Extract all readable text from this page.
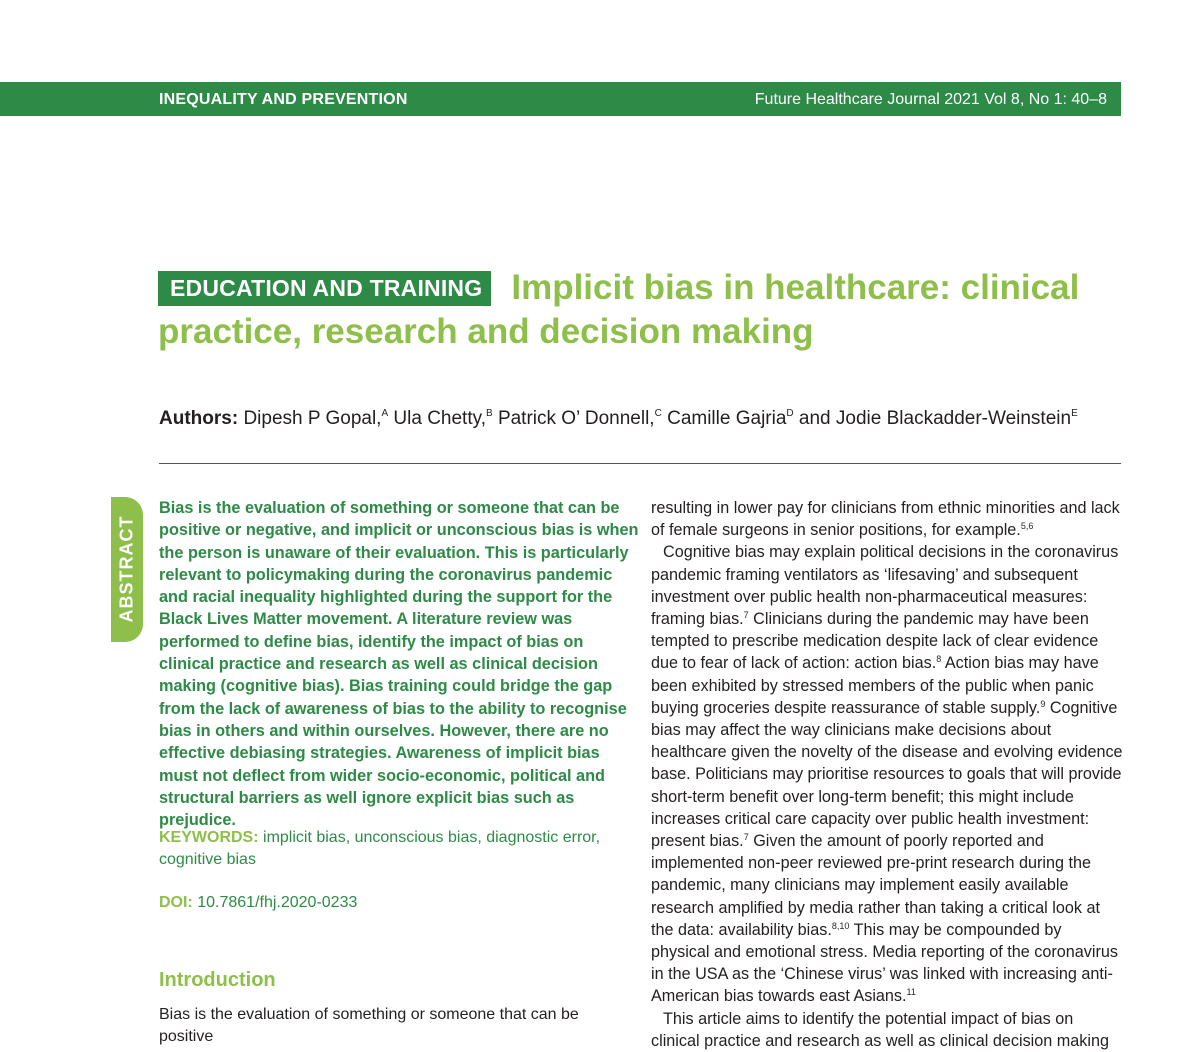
INEQUALITY AND PREVENTION	Future Healthcare Journal 2021 Vol 8, No 1: 40–8
EDUCATION AND TRAINING Implicit bias in healthcare: clinical practice, research and decision making
Authors: Dipesh P Gopal,$^A$ Ula Chetty,$^B$ Patrick O’ Donnell,$^C$ Camille Gajria$^D$ and Jodie Blackadder-Weinstein$^E$
ABSTRACT
Bias is the evaluation of something or someone that can be positive or negative, and implicit or unconscious bias is when the person is unaware of their evaluation. This is particularly relevant to policymaking during the coronavirus pandemic and racial inequality highlighted during the support for the Black Lives Matter movement. A literature review was performed to define bias, identify the impact of bias on clinical practice and research as well as clinical decision making (cognitive bias). Bias training could bridge the gap from the lack of awareness of bias to the ability to recognise bias in others and within ourselves. However, there are no effective debiasing strategies. Awareness of implicit bias must not deflect from wider socio-economic, political and structural barriers as well ignore explicit bias such as prejudice.
KEYWORDS: implicit bias, unconscious bias, diagnostic error, cognitive bias
DOI: 10.7861/fhj.2020-0233
Introduction
Bias is the evaluation of something or someone that can be positive

resulting in lower pay for clinicians from ethnic minorities and lack of female surgeons in senior positions, for example.$^{5,6}$

Cognitive bias may explain political decisions in the coronavirus pandemic framing ventilators as ‘lifesaving’ and subsequent investment over public health non-pharmaceutical measures: framing bias.$^7$ Clinicians during the pandemic may have been tempted to prescribe medication despite lack of clear evidence due to fear of lack of action: action bias.$^8$ Action bias may have been exhibited by stressed members of the public when panic buying groceries despite reassurance of stable supply.$^9$ Cognitive bias may affect the way clinicians make decisions about healthcare given the novelty of the disease and evolving evidence base. Politicians may prioritise resources to goals that will provide short-term benefit over long-term benefit; this might include increases critical care capacity over public health investment: present bias.$^7$ Given the amount of poorly reported and implemented non-peer reviewed pre-print research during the pandemic, many clinicians may implement easily available research amplified by media rather than taking a critical look at the data: availability bias.$^{8,10}$ This may be compounded by physical and emotional stress. Media reporting of the coronavirus in the USA as the ‘Chinese virus’ was linked with increasing anti-American bias towards east Asians.$^{11}$

This article aims to identify the potential impact of bias on clinical practice and research as well as clinical decision making
